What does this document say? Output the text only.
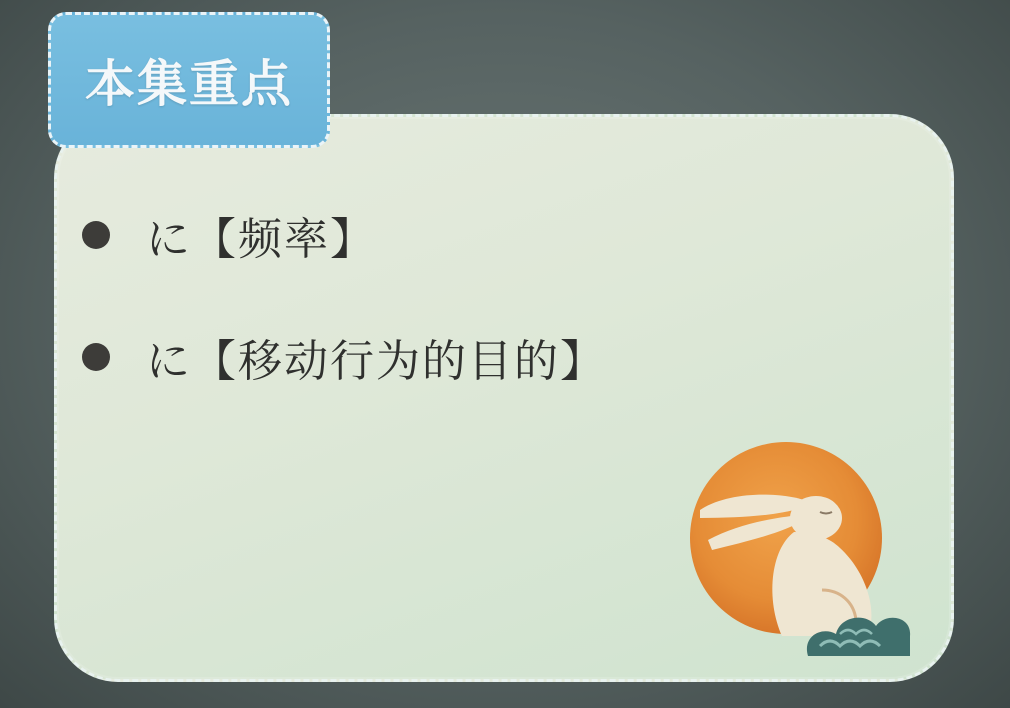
本集重点
に【频率】
に【移动行为的目的】
